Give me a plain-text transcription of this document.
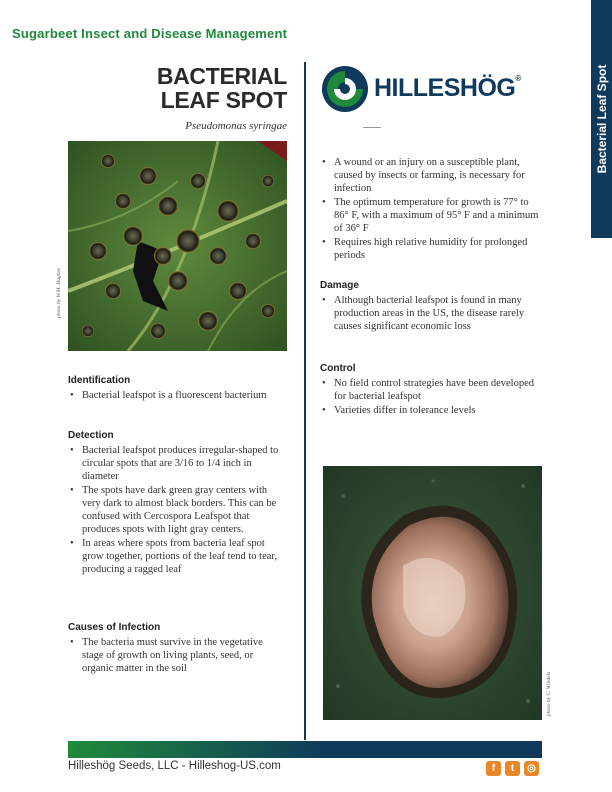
Sugarbeet Insect and Disease Management
Bacterial Leaf Spot
BACTERIAL
LEAF SPOT
Pseudomonas syringae
HILLESHÖG®
photo by W.M. Hughes
photo by C. Windels
Identification
• Bacterial leafspot is a fluorescent bacterium
Detection
• Bacterial leafspot produces irregular-shaped to circular spots that are 3/16 to 1/4 inch in diameter
• The spots have dark green gray centers with very dark to almost black borders. This can be confused with Cercospora Leafspot that produces spots with light gray centers.
• In areas where spots from bacteria leaf spot grow together, portions of the leaf tend to tear, producing a ragged leaf
Causes of Infection
• The bacteria must survive in the vegetative stage of growth on living plants, seed, or organic matter in the soil
• A wound or an injury on a susceptible plant, caused by insects or farming, is necessary for infection
• The optimum temperature for growth is 77° to 86° F, with a maximum of 95° F and a minimum of 36° F
• Requires high relative humidity for prolonged periods
Damage
• Although bacterial leafspot is found in many production areas in the US, the disease rarely causes significant economic loss
Control
• No field control strategies have been developed for bacterial leafspot
• Varieties differ in tolerance levels
Hilleshög Seeds, LLC - Hilleshog-US.com	f	t	◎
